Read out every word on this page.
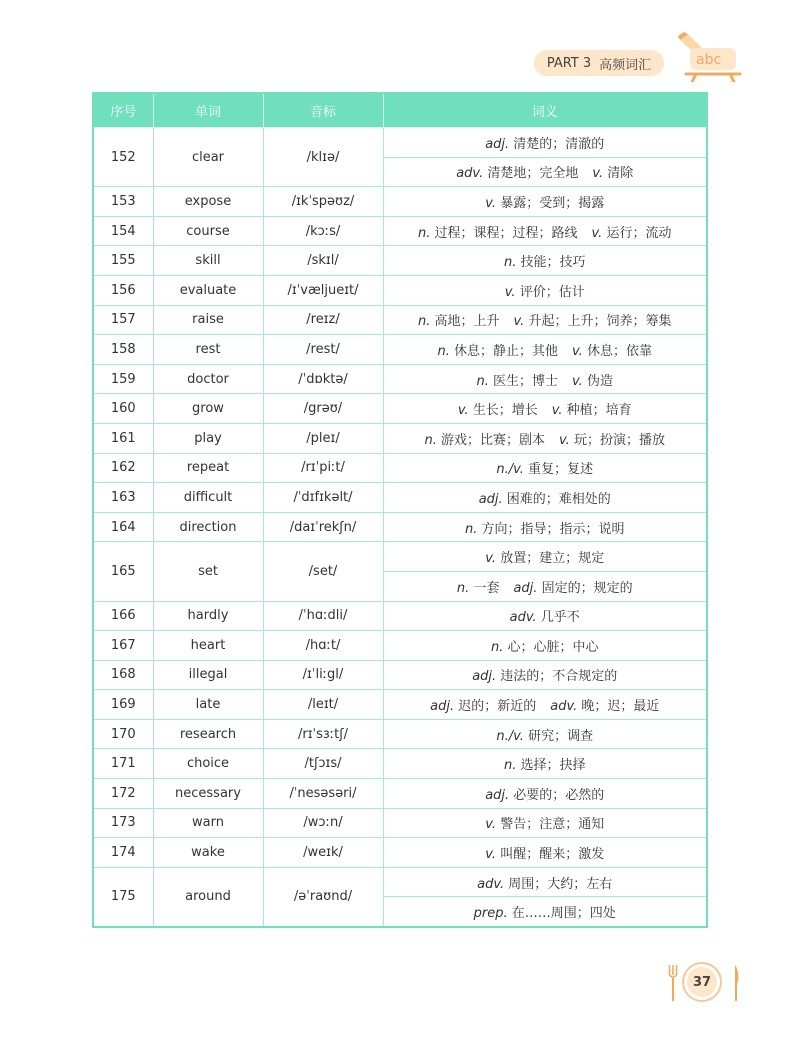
PART 3 高频词汇	abc
序号	单词	音标	词义
152	clear	/klɪə/	adj. 清楚的；清澈的
			adv. 清楚地；完全地 v. 清除
153	expose	/ɪkˈspəʊz/	v. 暴露；受到；揭露
154	course	/kɔːs/	n. 过程；课程；过程；路线 v. 运行；流动
155	skill	/skɪl/	n. 技能；技巧
156	evaluate	/ɪˈvæljueɪt/	v. 评价；估计
157	raise	/reɪz/	n. 高地；上升 v. 升起；上升；饲养；筹集
158	rest	/rest/	n. 休息；静止；其他 v. 休息；依靠
159	doctor	/ˈdɒktə/	n. 医生；博士 v. 伪造
160	grow	/grəʊ/	v. 生长；增长 v. 种植；培育
161	play	/pleɪ/	n. 游戏；比赛；剧本 v. 玩；扮演；播放
162	repeat	/rɪˈpiːt/	n./v. 重复；复述
163	difficult	/ˈdɪfɪkəlt/	adj. 困难的；难相处的
164	direction	/daɪˈrekʃn/	n. 方向；指导；指示；说明
165	set	/set/	v. 放置；建立；规定
			n. 一套 adj. 固定的；规定的
166	hardly	/ˈhɑːdli/	adv. 几乎不
167	heart	/hɑːt/	n. 心；心脏；中心
168	illegal	/ɪˈliːgl/	adj. 违法的；不合规定的
169	late	/leɪt/	adj. 迟的；新近的 adv. 晚；迟；最近
170	research	/rɪˈsɜːtʃ/	n./v. 研究；调查
171	choice	/tʃɔɪs/	n. 选择；抉择
172	necessary	/ˈnesəsəri/	adj. 必要的；必然的
173	warn	/wɔːn/	v. 警告；注意；通知
174	wake	/weɪk/	v. 叫醒；醒来；激发
175	around	/əˈraʊnd/	adv. 周围；大约；左右
			prep. 在……周围；四处
37
